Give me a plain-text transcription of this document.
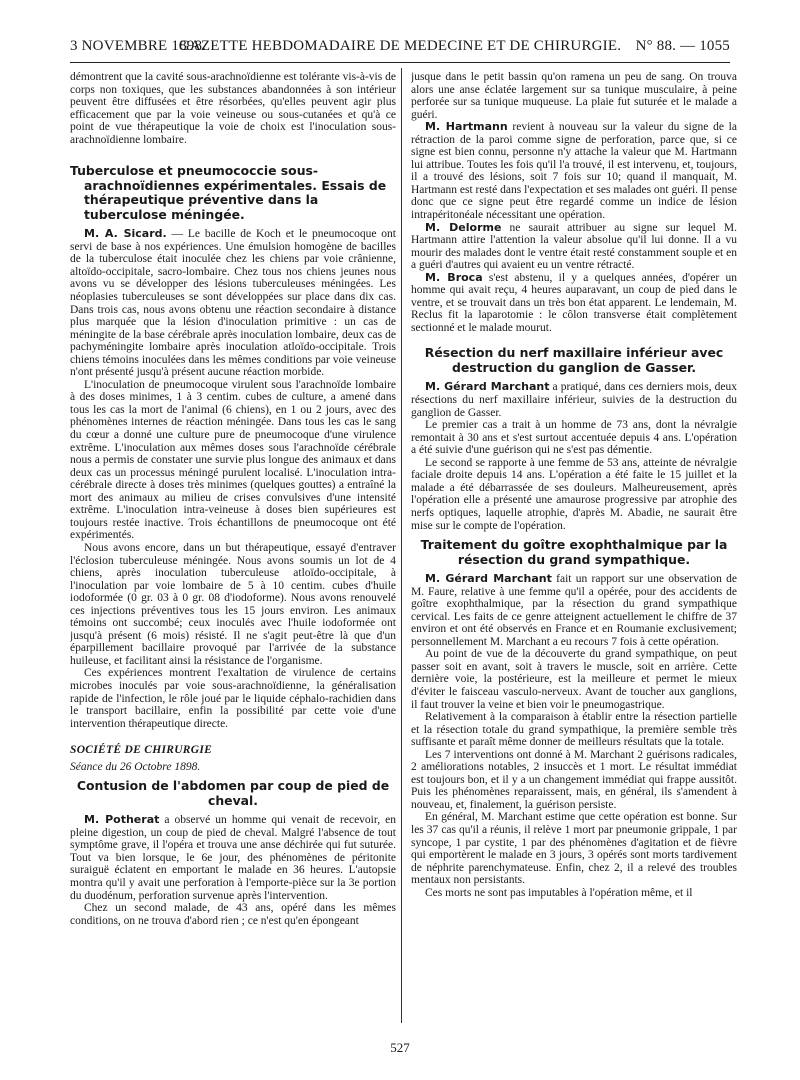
3 NOVEMBRE 1898.
GAZETTE HEBDOMADAIRE DE MEDECINE ET DE CHIRURGIE. N° 88. — 1055

démontrent que la cavité sous-arachnoïdienne est tolérante vis-à-vis de corps non toxiques, que les substances abandonnées à son intérieur peuvent être diffusées et être résorbées, qu'elles peuvent agir plus efficacement que par la voie veineuse ou sous-cutanées et qu'à ce point de vue thérapeutique la voie de choix est l'inoculation sous-arachnoïdienne lombaire.

Tuberculose et pneumococcie sous-arachnoïdiennes expérimentales. Essais de thérapeutique préventive dans la tuberculose méningée.

M. A. Sicard. — Le bacille de Koch et le pneumocoque ont servi de base à nos expériences. Une émulsion homogène de bacilles de la tuberculose était inoculée chez les chiens par voie crânienne, altoïdo-occipitale, sacro-lombaire. Chez tous nos chiens jeunes nous avons vu se développer des lésions tuberculeuses méningées. Les néoplasies tuberculeuses se sont développées sur place dans dix cas. Dans trois cas, nous avons obtenu une réaction secondaire à distance plus marquée que la lésion d'inoculation primitive : un cas de méningite de la base cérébrale après inoculation lombaire, deux cas de pachyméningite lombaire après inoculation atloïdo-occipitale. Trois chiens témoins inoculées dans les mêmes conditions par voie veineuse n'ont présenté jusqu'à présent aucune réaction morbide.

L'inoculation de pneumocoque virulent sous l'arachnoïde lombaire à des doses minimes, 1 à 3 centim. cubes de culture, a amené dans tous les cas la mort de l'animal (6 chiens), en 1 ou 2 jours, avec des phénomènes internes de réaction méningée. Dans tous les cas le sang du cœur a donné une culture pure de pneumocoque d'une virulence extrême. L'inoculation aux mêmes doses sous l'arachnoïde cérébrale nous a permis de constater une survie plus longue des animaux et dans deux cas un processus méningé purulent localisé. L'inoculation intra-cérébrale directe à doses très minimes (quelques gouttes) a entraîné la mort des animaux au milieu de crises convulsives d'une intensité extrême. L'inoculation intra-veineuse à doses bien supérieures est toujours restée inactive. Trois échantillons de pneumocoque ont été expérimentés.

Nous avons encore, dans un but thérapeutique, essayé d'entraver l'éclosion tuberculeuse méningée. Nous avons soumis un lot de 4 chiens, après inoculation tuberculeuse atloïdo-occipitale, à l'inoculation par voie lombaire de 5 à 10 centim. cubes d'huile iodoformée (0 gr. 03 à 0 gr. 08 d'iodoforme). Nous avons renouvelé ces injections préventives tous les 15 jours environ. Les animaux témoins ont succombé; ceux inoculés avec l'huile iodoformée ont jusqu'à présent (6 mois) résisté. Il ne s'agit peut-être là que d'un éparpillement bacillaire provoqué par l'arrivée de la substance huileuse, et facilitant ainsi la résistance de l'organisme.

Ces expériences montrent l'exaltation de virulence de certains microbes inoculés par voie sous-arachnoïdienne, la généralisation rapide de l'infection, le rôle joué par le liquide céphalo-rachidien dans le transport bacillaire, enfin la possibilité par cette voie d'une intervention thérapeutique directe.

SOCIÉTÉ DE CHIRURGIE

Séance du 26 Octobre 1898.

Contusion de l'abdomen par coup de pied de cheval.

M. Potherat a observé un homme qui venait de recevoir, en pleine digestion, un coup de pied de cheval. Malgré l'absence de tout symptôme grave, il l'opéra et trouva une anse déchirée qui fut suturée. Tout va bien lorsque, le 6e jour, des phénomènes de péritonite suraiguë éclatent en emportant le malade en 36 heures. L'autopsie montra qu'il y avait une perforation à l'emporte-pièce sur la 3e portion du duodénum, perforation survenue après l'intervention.

Chez un second malade, de 43 ans, opéré dans les mêmes conditions, on ne trouva d'abord rien ; ce n'est qu'en épongeant

jusque dans le petit bassin qu'on ramena un peu de sang. On trouva alors une anse éclatée largement sur sa tunique musculaire, à peine perforée sur sa tunique muqueuse. La plaie fut suturée et le malade a guéri.

M. Hartmann revient à nouveau sur la valeur du signe de la rétraction de la paroi comme signe de perforation, parce que, si ce signe est bien connu, personne n'y attache la valeur que M. Hartmann lui attribue. Toutes les fois qu'il l'a trouvé, il est intervenu, et, toujours, il a trouvé des lésions, soit 7 fois sur 10; quand il manquait, M. Hartmann est resté dans l'expectation et ses malades ont guéri. Il pense donc que ce signe peut être regardé comme un indice de lésion intrapéritonéale nécessitant une opération.

M. Delorme ne saurait attribuer au signe sur lequel M. Hartmann attire l'attention la valeur absolue qu'il lui donne. Il a vu mourir des malades dont le ventre était resté constamment souple et en a guéri d'autres qui avaient eu un ventre rétracté.

M. Broca s'est abstenu, il y a quelques années, d'opérer un homme qui avait reçu, 4 heures auparavant, un coup de pied dans le ventre, et se trouvait dans un très bon état apparent. Le lendemain, M. Reclus fit la laparotomie : le côlon transverse était complètement sectionné et le malade mourut.

Résection du nerf maxillaire inférieur avec destruction du ganglion de Gasser.

M. Gérard Marchant a pratiqué, dans ces derniers mois, deux résections du nerf maxillaire inférieur, suivies de la destruction du ganglion de Gasser.

Le premier cas a trait à un homme de 73 ans, dont la névralgie remontait à 30 ans et s'est surtout accentuée depuis 4 ans. L'opération a été suivie d'une guérison qui ne s'est pas démentie.

Le second se rapporte à une femme de 53 ans, atteinte de névralgie faciale droite depuis 14 ans. L'opération a été faite le 15 juillet et la malade a été débarrassée de ses douleurs. Malheureusement, après l'opération elle a présenté une amaurose progressive par atrophie des nerfs optiques, laquelle atrophie, d'après M. Abadie, ne saurait être mise sur le compte de l'opération.

Traitement du goître exophthalmique par la résection du grand sympathique.

M. Gérard Marchant fait un rapport sur une observation de M. Faure, relative à une femme qu'il a opérée, pour des accidents de goître exophthalmique, par la résection du grand sympathique cervical. Les faits de ce genre atteignent actuellement le chiffre de 37 environ et ont été observés en France et en Roumanie exclusivement; personnellement M. Marchant a eu recours 7 fois à cette opération.

Au point de vue de la découverte du grand sympathique, on peut passer soit en avant, soit à travers le muscle, soit en arrière. Cette dernière voie, la postérieure, est la meilleure et permet le mieux d'éviter le faisceau vasculo-nerveux. Avant de toucher aux ganglions, il faut trouver la veine et bien voir le pneumogastrique.

Relativement à la comparaison à établir entre la résection partielle et la résection totale du grand sympathique, la première semble très suffisante et paraît même donner de meilleurs résultats que la totale.

Les 7 interventions ont donné à M. Marchant 2 guérisons radicales, 2 améliorations notables, 2 insuccès et 1 mort. Le résultat immédiat est toujours bon, et il y a un changement immédiat qui frappe aussitôt. Puis les phénomènes reparaissent, mais, en général, ils s'amendent à nouveau, et, finalement, la guérison persiste.

En général, M. Marchant estime que cette opération est bonne. Sur les 37 cas qu'il a réunis, il relève 1 mort par pneumonie grippale, 1 par syncope, 1 par cystite, 1 par des phénomènes d'agitation et de fièvre qui emportèrent le malade en 3 jours, 3 opérés sont morts tardivement de néphrite parenchymateuse. Enfin, chez 2, il a relevé des troubles mentaux non persistants.

Ces morts ne sont pas imputables à l'opération même, et il

527
